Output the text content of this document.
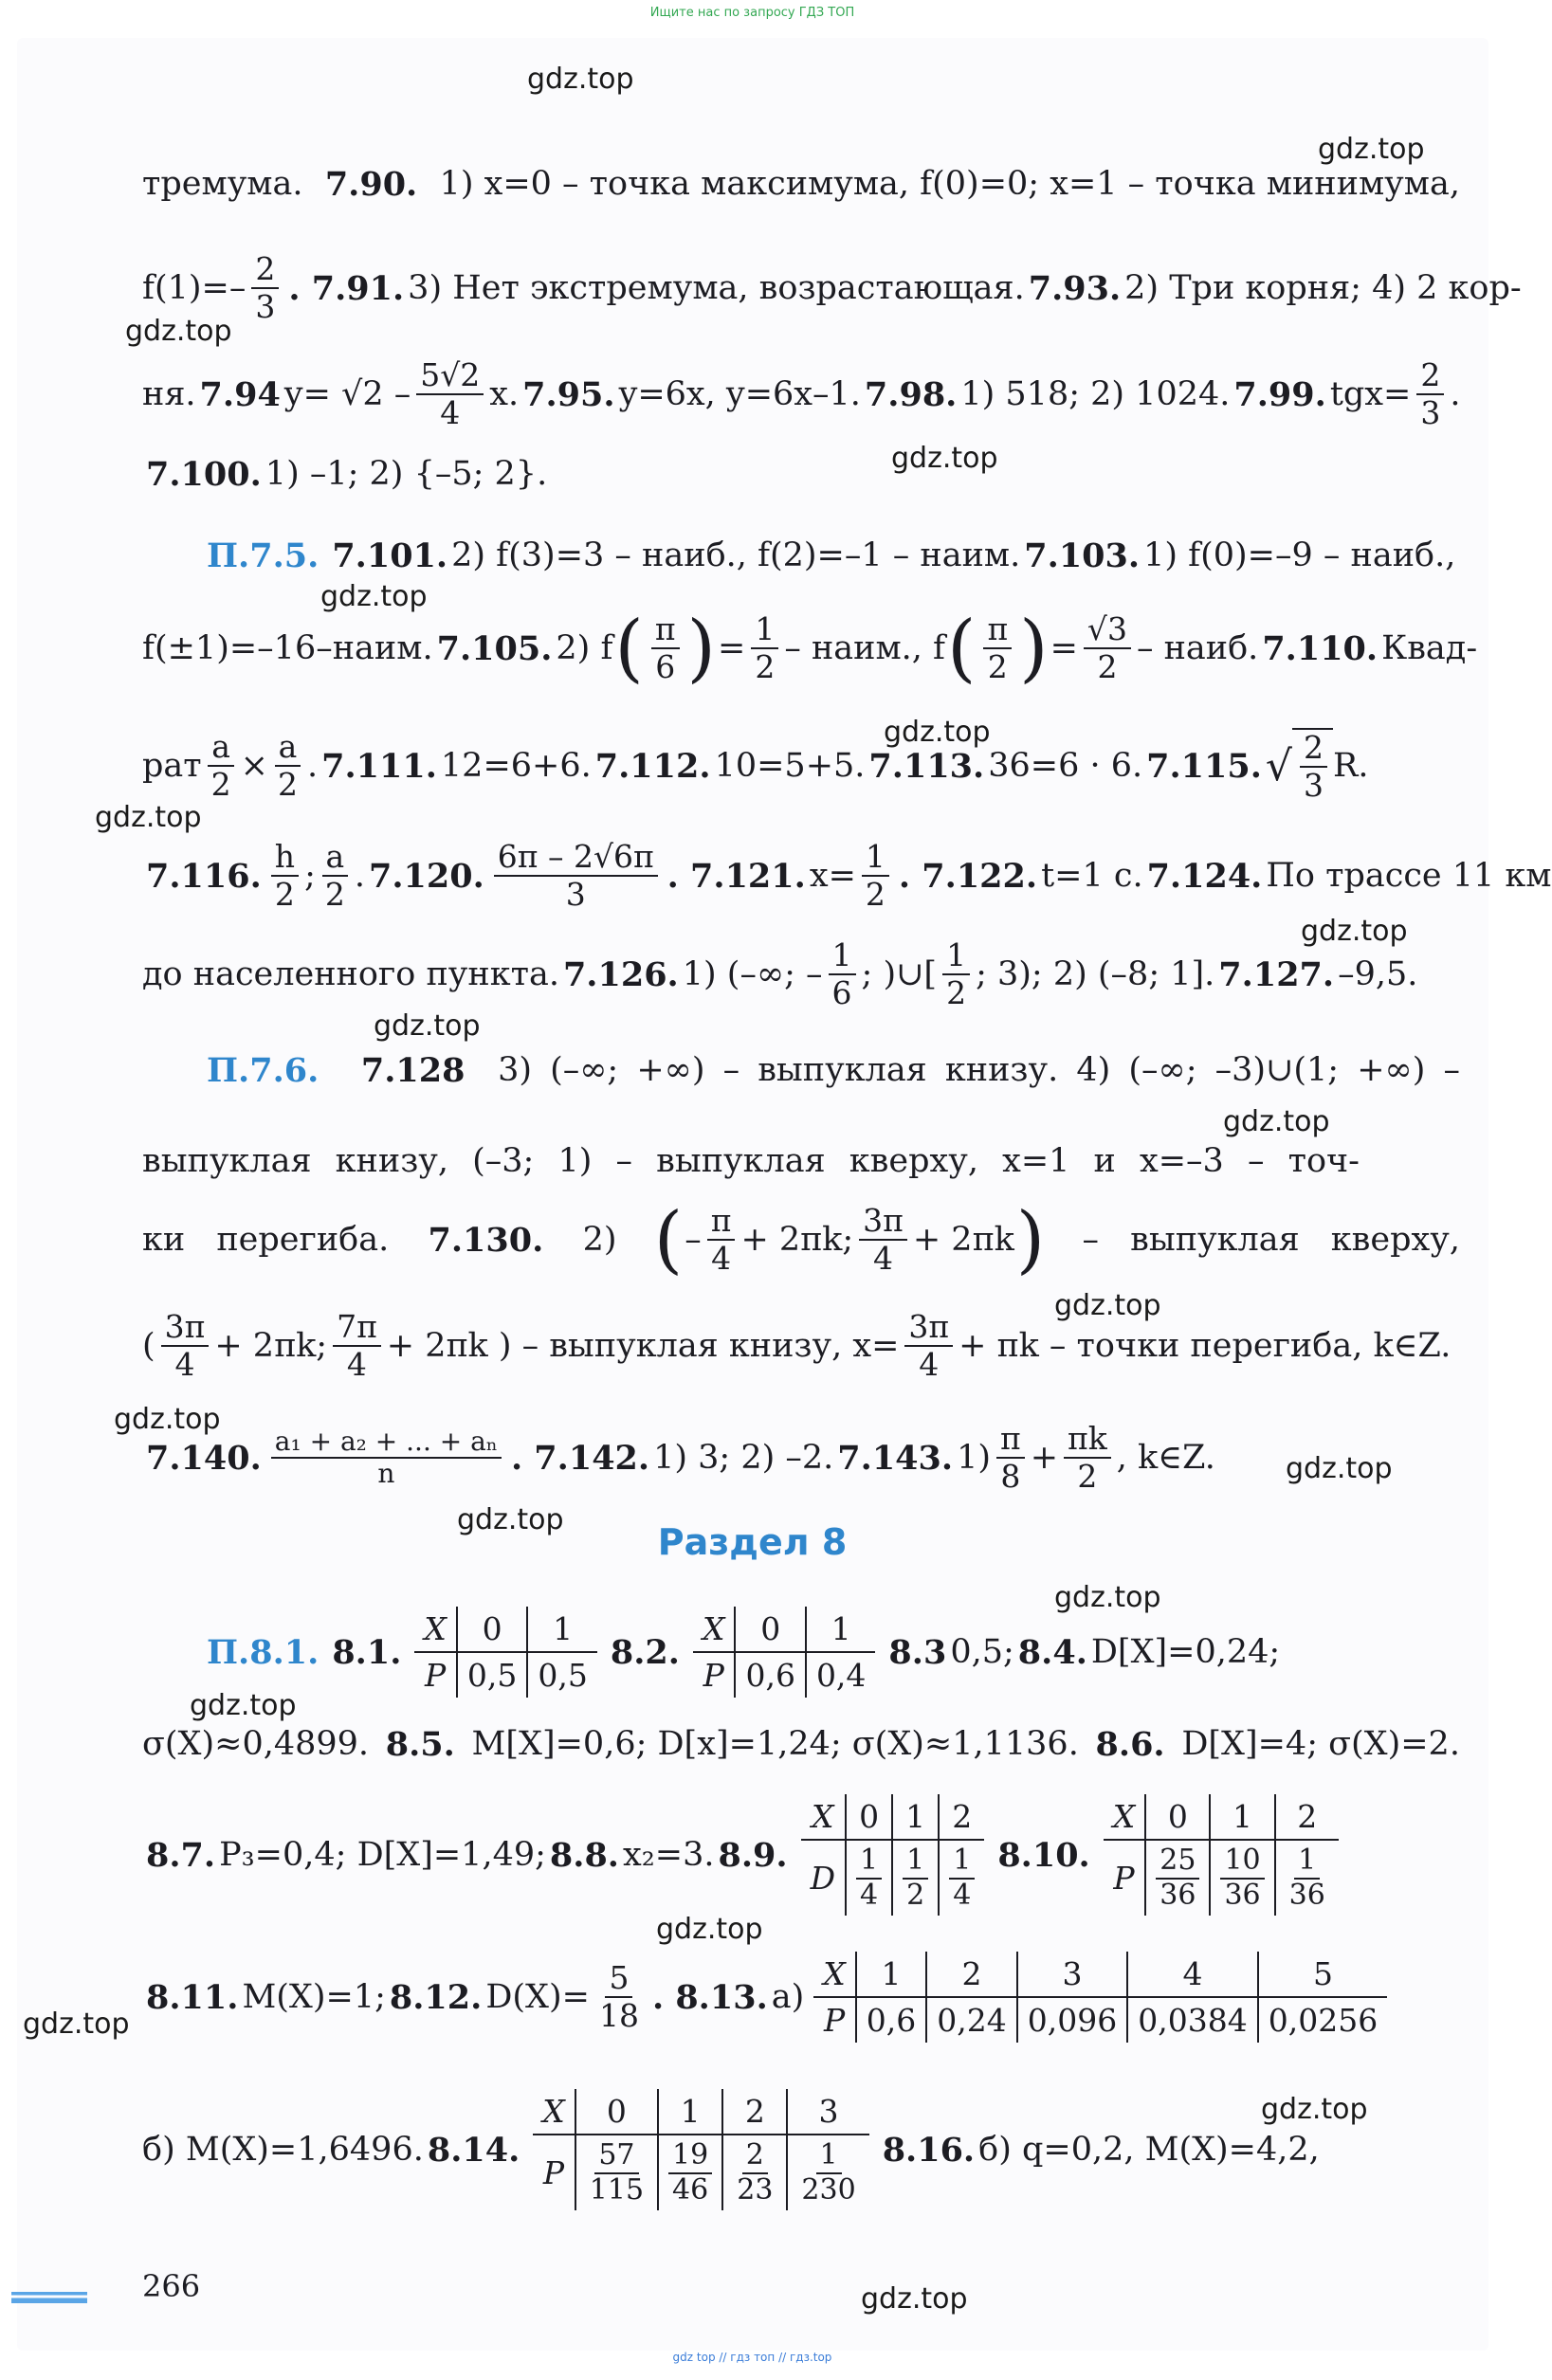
Ищите нас по запросу ГДЗ ТОП
gdz.top
gdz.top
gdz.top
gdz.top
gdz.top
gdz.top
gdz.top
gdz.top
gdz.top
gdz.top
gdz.top
gdz.top
gdz.top
gdz.top
gdz.top
gdz.top
gdz.top
gdz.top
gdz.top
gdz.top
тремума. 7.90. 1) x=0 – точка максимума, f(0)=0; x=1 – точка минимума,
$f(1)=- \frac{2}{3}$ . 7.91. 3) Нет экстремума, возрастающая. 7.93. 2) Три корня; 4) 2 кор-
ня. 7.94 $y= √2 - \frac{5√2}{4} x$. 7.95. y=6x, y=6x–1. 7.98. 1) 518; 2) 1024. 7.99. $tgx= \frac{2}{3}$ .
7.100. 1) –1; 2) {–5; 2}.
П.7.5. 7.101. 2) f(3)=3 – наиб., f(2)=–1 – наим. 7.103. 1) f(0)=–9 – наиб.,
f(±1)=–16–наим. 7.105. 2) f ( $\frac{\pi}{6}$ ) = $\frac{1}{2}$ – наим., f ( $\frac{\pi}{2}$ ) = $\frac{√3}{2}$ – наиб. 7.110. Квад-
рат $\frac{a}{2} \times \frac{a}{2}$ . 7.111. 12=6+6. 7.112. 10=5+5. 7.113. 36=6 · 6. 7.115. √ $\frac{2}{3} R$.
7.116. $\frac{h}{2}$ ; $\frac{a}{2}$ . 7.120. $\frac{6\pi - 2√6\pi}{3}$ . 7.121. $x= \frac{1}{2}$ . 7.122. t=1 с. 7.124. По трассе 11 км
до населенного пункта. 7.126. 1) (–∞; – $\frac{1}{6}$ ; )∪[ $\frac{1}{2}$ ; 3); 2) (–8; 1]. 7.127. –9,5.
П.7.6. 7.128 3) (–∞; +∞) – выпуклая книзу. 4) (–∞; –3)∪(1; +∞) –
выпуклая книзу, (–3; 1) – выпуклая кверху, x=1 и x=–3 – точ-
ки перегиба. 7.130. 2) ( – $\frac{\pi}{4} + 2\pi k$; $\frac{3\pi}{4} + 2\pi k$ ) – выпуклая кверху,
( $\frac{3\pi}{4} + 2\pi k$; $\frac{7\pi}{4} + 2\pi k$ ) – выпуклая книзу, $x= \frac{3\pi}{4} + \pi k$ – точки перегиба, k∈Z.
7.140. $\frac{\text{a₁ + a₂ + ... + aₙ}}{n}$ . 7.142. 1) 3; 2) –2. 7.143. $1) \frac{\pi}{8} + \frac{\pi k}{2}$ , k∈Z.
Раздел 8
П.8.1. 8.1.
X	0	1
P	0,5	0,5
8.2.
X	0	1
P	0,6	0,4
8.3 0,5; 8.4. D[X]=0,24;
σ(X)≈0,4899. 8.5. M[X]=0,6; D[x]=1,24; σ(X)≈1,1136. 8.6. D[X]=4; σ(X)=2.
8.7. P₃=0,4; D[X]=1,49; 8.8. x₂=3. 8.9.
X	0	1	2
D	$\frac{1}{4}$	$\frac{1}{2}$	$\frac{1}{4} 8.10$.
X	0	1	2
P	$\frac{25}{36}$	$\frac{10}{36}$	$\frac{1}{36}$
8.11. M(X)=1; 8.12. $D(X)= \frac{5}{18}$ . 8.13. а)
X	1	2	3	4	5
P	0,6	0,24	0,096	0,0384	0,0256
б) M(X)=1,6496. 8.14.
X	0	1	2	3
P	$\frac{57}{115}$	$\frac{19}{46}$	$\frac{2}{23}$	$\frac{1}{230} 8.16$. б) q=0,2, M(X)=4,2,
266
gdz top // гдз топ // гдз.top
